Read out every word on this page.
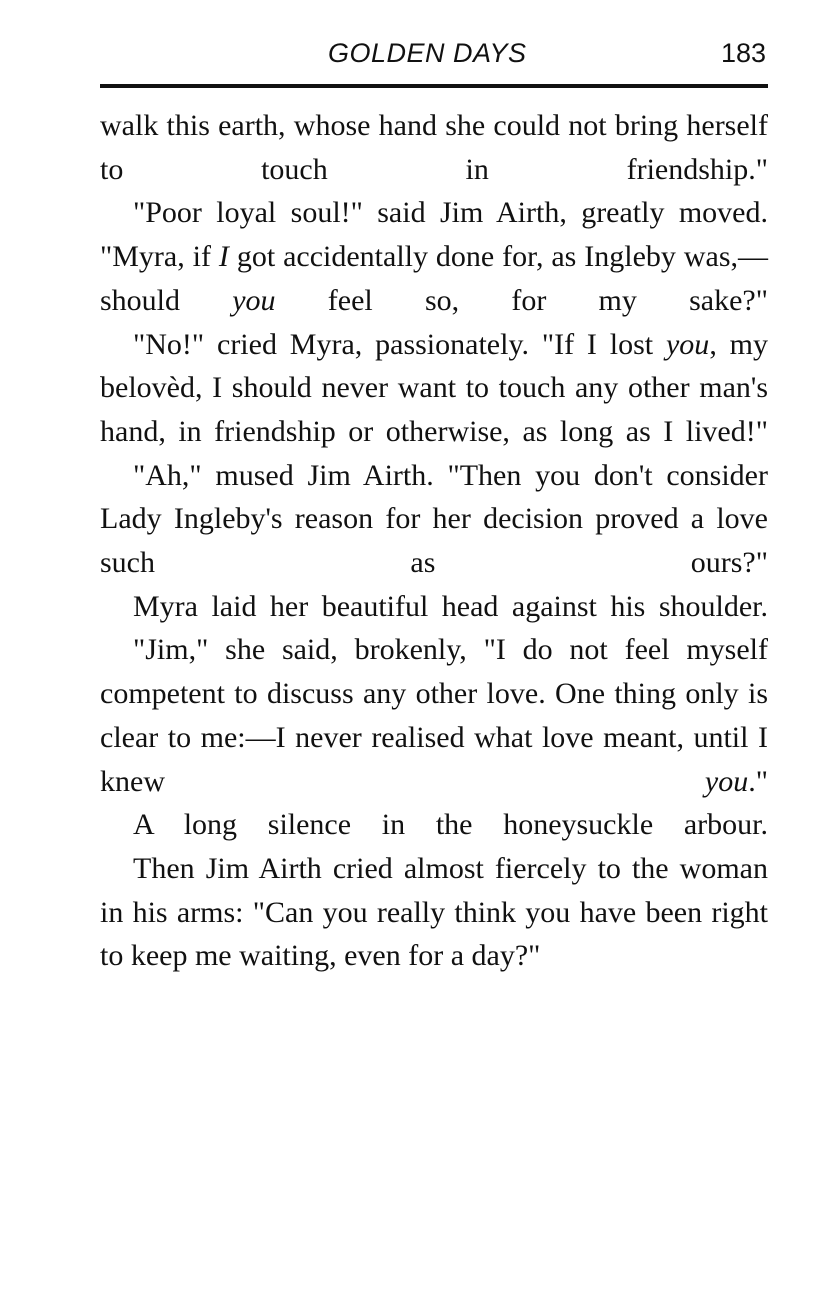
GOLDEN DAYS	183

walk this earth, whose hand she could not bring herself to touch in friendship."

"Poor loyal soul!" said Jim Airth, greatly moved. "Myra, if I got accidentally done for, as Ingleby was,—should you feel so, for my sake?"

"No!" cried Myra, passionately. "If I lost you, my belovèd, I should never want to touch any other man's hand, in friendship or otherwise, as long as I lived!"

"Ah," mused Jim Airth. "Then you don't consider Lady Ingleby's reason for her decision proved a love such as ours?"

Myra laid her beautiful head against his shoulder.

"Jim," she said, brokenly, "I do not feel myself competent to discuss any other love. One thing only is clear to me:—I never realised what love meant, until I knew you."

A long silence in the honeysuckle arbour.

Then Jim Airth cried almost fiercely to the woman in his arms: "Can you really think you have been right to keep me waiting, even for a day?"
